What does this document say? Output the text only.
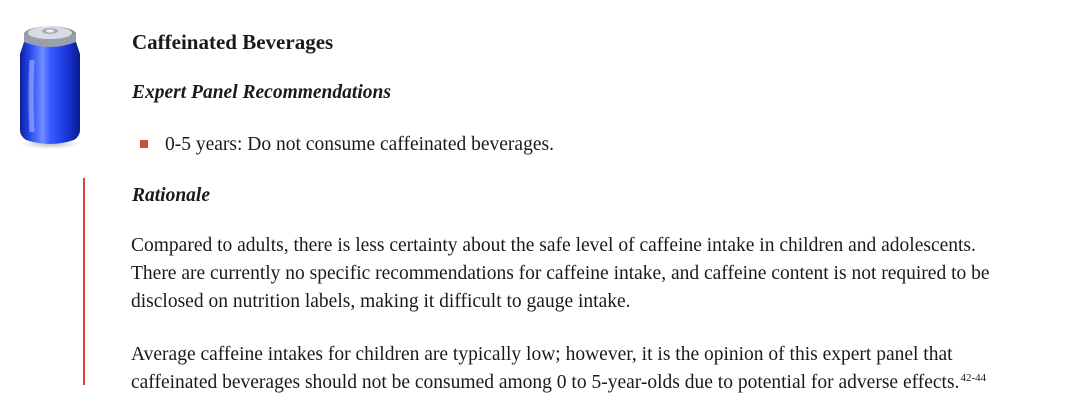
Caffeinated Beverages
Expert Panel Recommendations
0-5 years: Do not consume caffeinated beverages.
Rationale

Compared to adults, there is less certainty about the safe level of caffeine intake in children and adolescents.
There are currently no specific recommendations for caffeine intake, and caffeine content is not required to be
disclosed on nutrition labels, making it difficult to gauge intake.

Average caffeine intakes for children are typically low; however, it is the opinion of this expert panel that
caffeinated beverages should not be consumed among 0 to 5-year-olds due to potential for adverse effects.$^{42-44}$
